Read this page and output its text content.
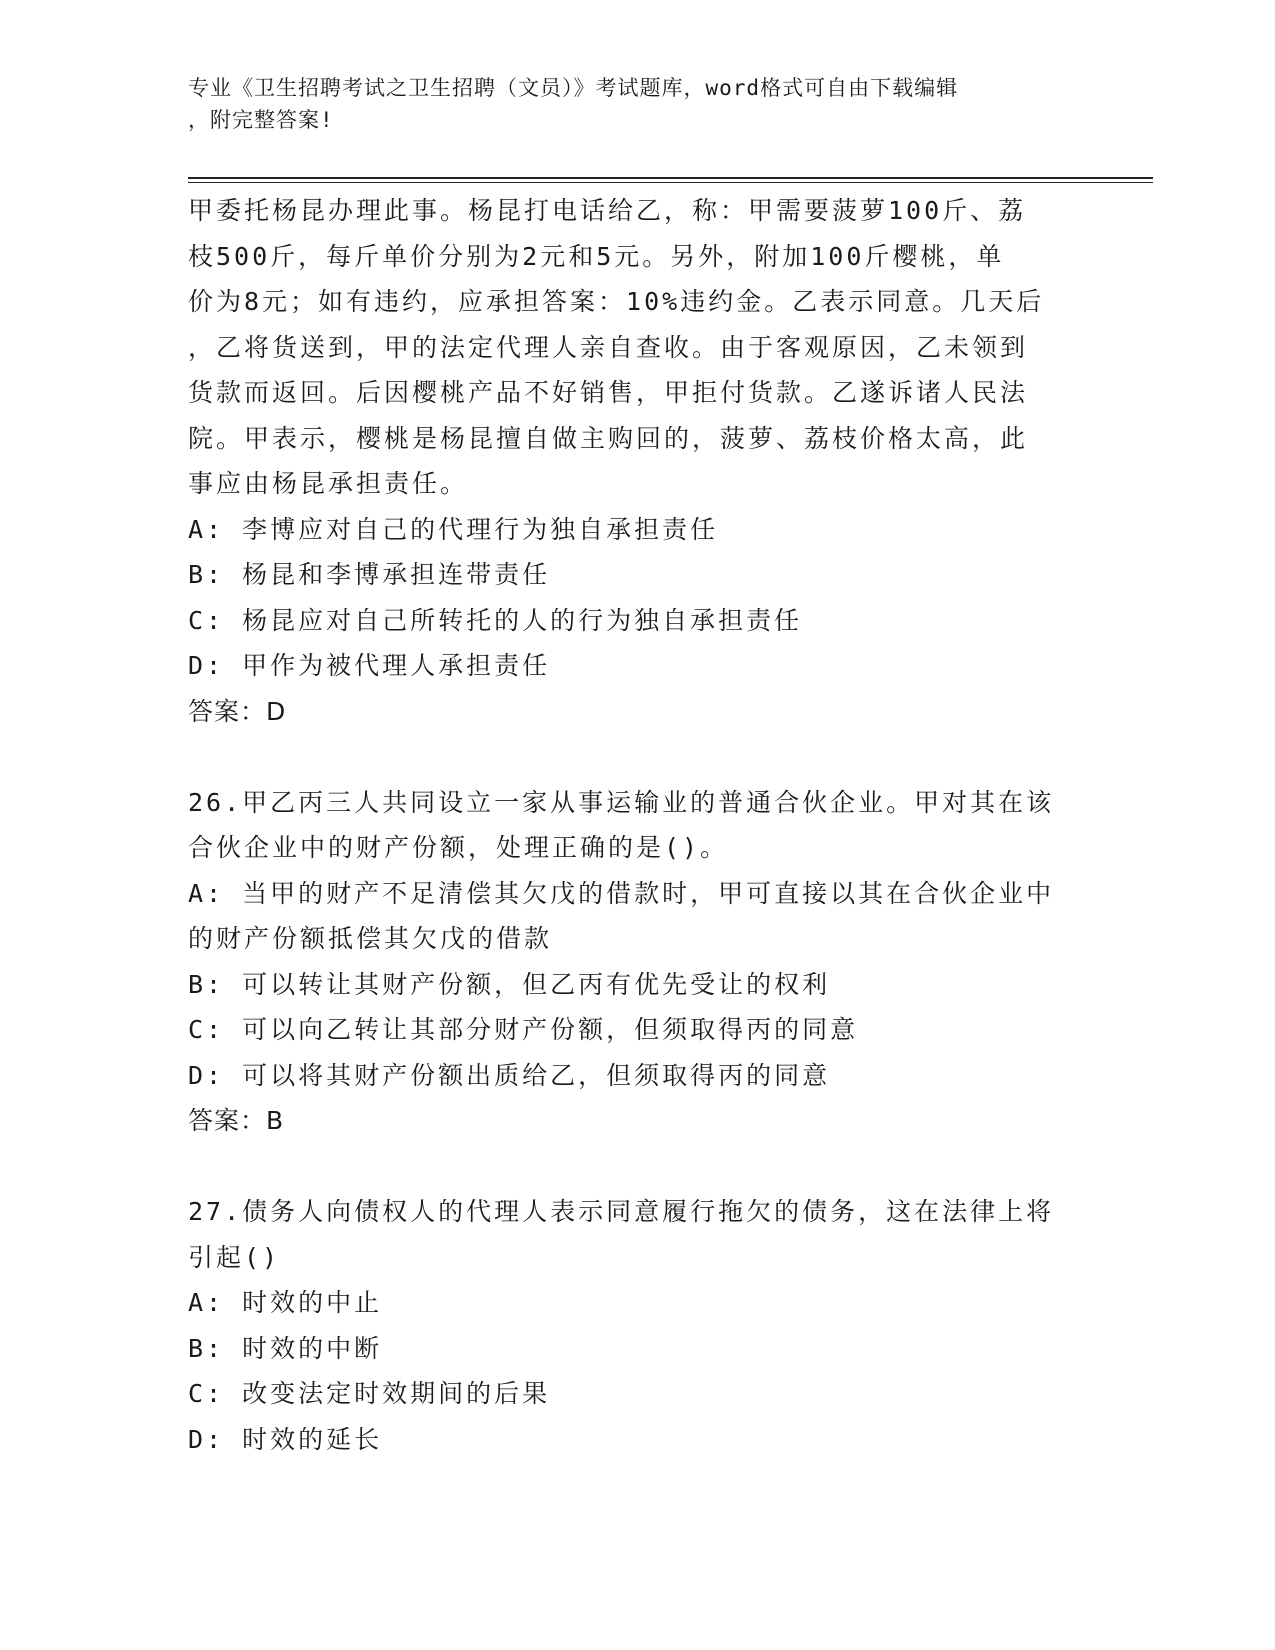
专业《卫生招聘考试之卫生招聘（文员）》考试题库，word格式可自由下载编辑
，附完整答案!
甲委托杨昆办理此事。杨昆打电话给乙，称：甲需要菠萝100斤、荔
枝500斤，每斤单价分别为2元和5元。另外，附加100斤樱桃，单
价为8元；如有违约，应承担答案：10%违约金。乙表示同意。几天后
，乙将货送到，甲的法定代理人亲自查收。由于客观原因，乙未领到
货款而返回。后因樱桃产品不好销售，甲拒付货款。乙遂诉诸人民法
院。甲表示，樱桃是杨昆擅自做主购回的，菠萝、荔枝价格太高，此
事应由杨昆承担责任。
A: 李博应对自己的代理行为独自承担责任
B: 杨昆和李博承担连带责任
C: 杨昆应对自己所转托的人的行为独自承担责任
D: 甲作为被代理人承担责任
答案：D
26.甲乙丙三人共同设立一家从事运输业的普通合伙企业。甲对其在该
合伙企业中的财产份额，处理正确的是()。
A: 当甲的财产不足清偿其欠戊的借款时，甲可直接以其在合伙企业中
的财产份额抵偿其欠戊的借款
B: 可以转让其财产份额，但乙丙有优先受让的权利
C: 可以向乙转让其部分财产份额，但须取得丙的同意
D: 可以将其财产份额出质给乙，但须取得丙的同意
答案：B
27.债务人向债权人的代理人表示同意履行拖欠的债务，这在法律上将
引起()
A: 时效的中止
B: 时效的中断
C: 改变法定时效期间的后果
D: 时效的延长
